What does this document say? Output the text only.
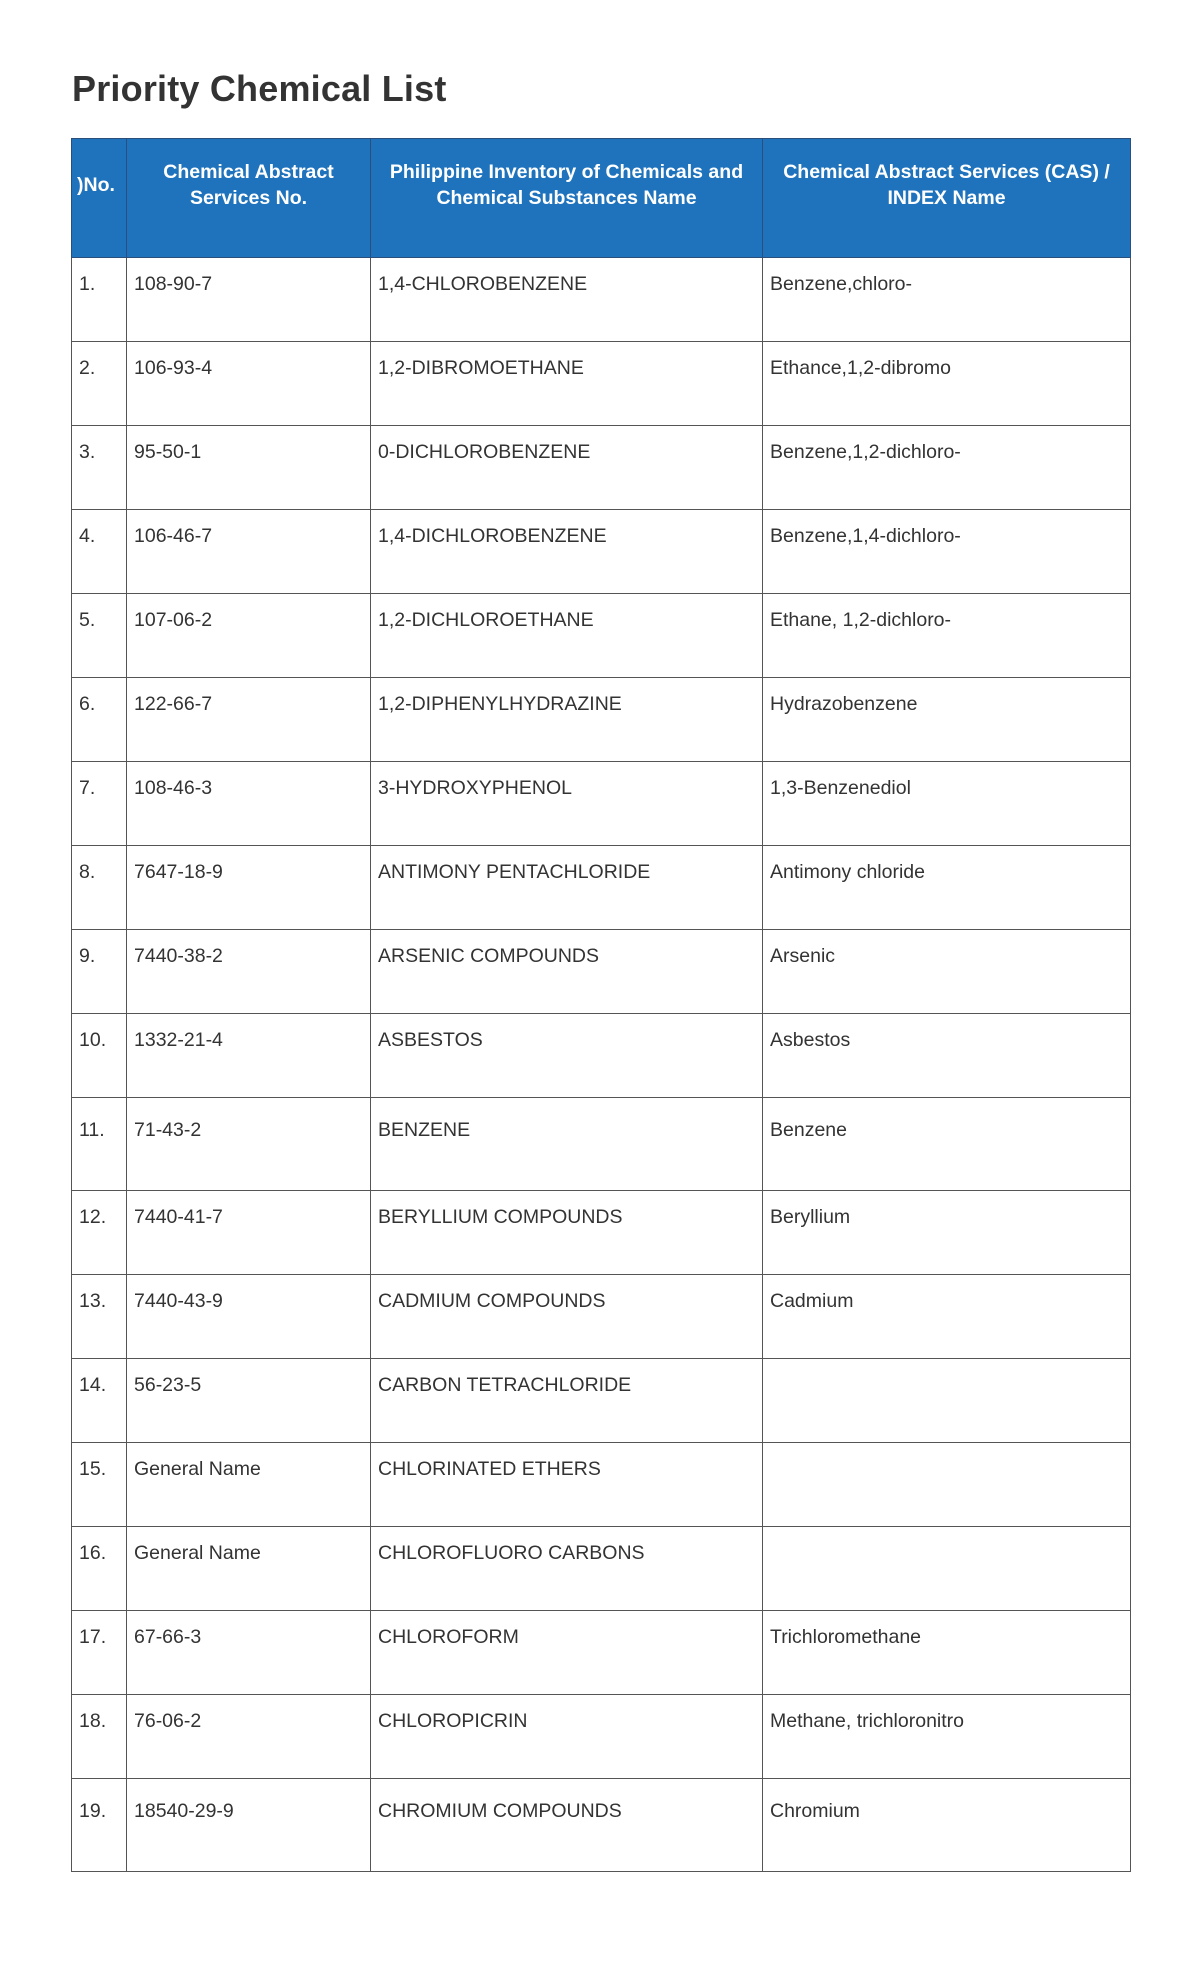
Priority Chemical List
)No.	Chemical Abstract Services No.	Philippine Inventory of Chemicals and Chemical Substances Name	Chemical Abstract Services (CAS) / INDEX Name
1.	108-90-7	1,4-CHLOROBENZENE	Benzene,chloro-
2.	106-93-4	1,2-DIBROMOETHANE	Ethance,1,2-dibromo
3.	95-50-1	0-DICHLOROBENZENE	Benzene,1,2-dichloro-
4.	106-46-7	1,4-DICHLOROBENZENE	Benzene,1,4-dichloro-
5.	107-06-2	1,2-DICHLOROETHANE	Ethane, 1,2-dichloro-
6.	122-66-7	1,2-DIPHENYLHYDRAZINE	Hydrazobenzene
7.	108-46-3	3-HYDROXYPHENOL	1,3-Benzenediol
8.	7647-18-9	ANTIMONY PENTACHLORIDE	Antimony chloride
9.	7440-38-2	ARSENIC COMPOUNDS	Arsenic
10.	1332-21-4	ASBESTOS	Asbestos
11.	71-43-2	BENZENE	Benzene
12.	7440-41-7	BERYLLIUM COMPOUNDS	Beryllium
13.	7440-43-9	CADMIUM COMPOUNDS	Cadmium
14.	56-23-5	CARBON TETRACHLORIDE	
15.	General Name	CHLORINATED ETHERS	
16.	General Name	CHLOROFLUORO CARBONS	
17.	67-66-3	CHLOROFORM	Trichloromethane
18.	76-06-2	CHLOROPICRIN	Methane, trichloronitro
19.	18540-29-9	CHROMIUM COMPOUNDS	Chromium
